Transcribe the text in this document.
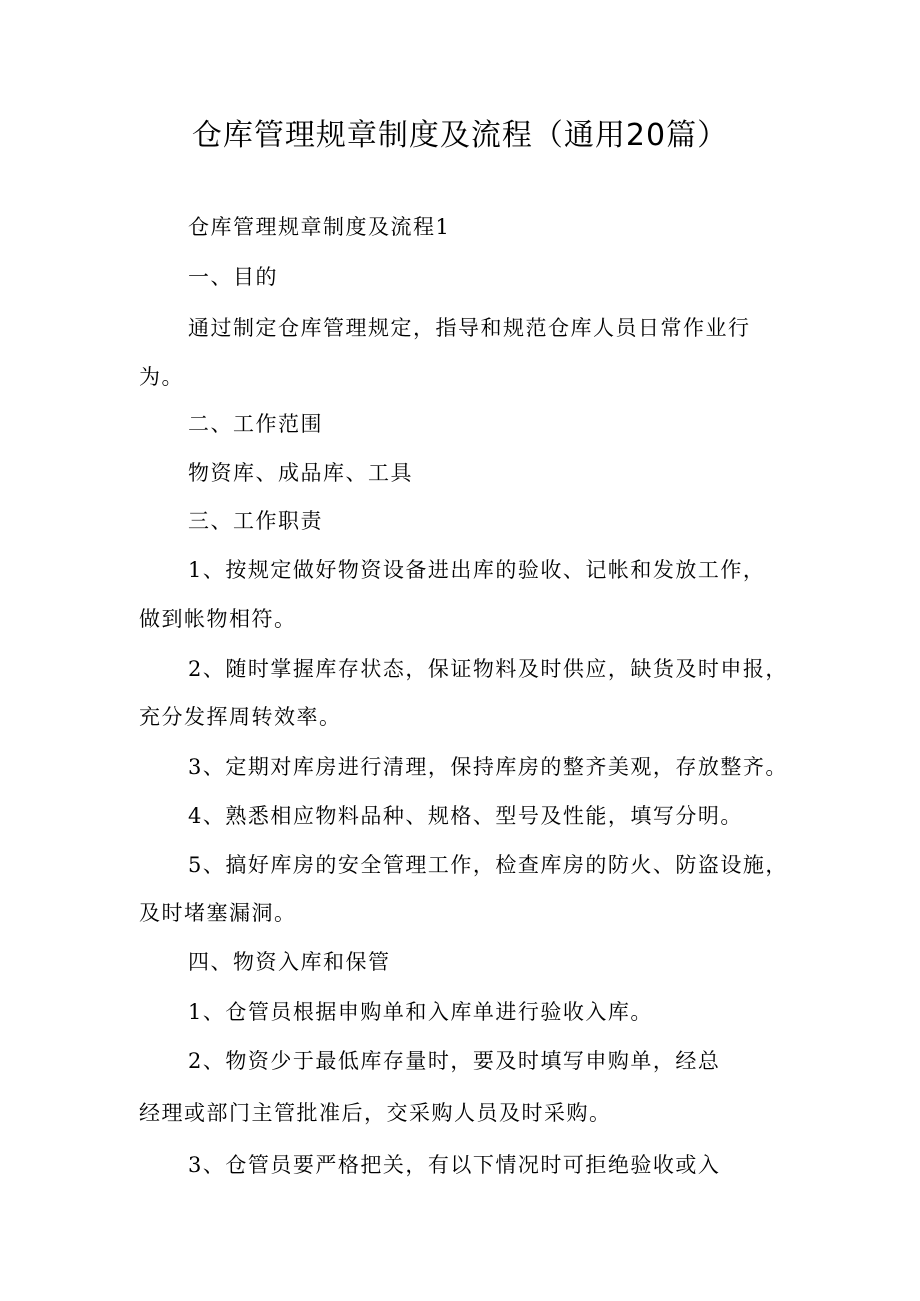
仓库管理规章制度及流程（通用20篇）
仓库管理规章制度及流程1
一、目的
通过制定仓库管理规定，指导和规范仓库人员日常作业行
为。
二、工作范围
物资库、成品库、工具
三、工作职责
1、按规定做好物资设备进出库的验收、记帐和发放工作，
做到帐物相符。
2、随时掌握库存状态，保证物料及时供应，缺货及时申报，
充分发挥周转效率。
3、定期对库房进行清理，保持库房的整齐美观，存放整齐。
4、熟悉相应物料品种、规格、型号及性能，填写分明。
5、搞好库房的安全管理工作，检查库房的防火、防盗设施，
及时堵塞漏洞。
四、物资入库和保管
1、仓管员根据申购单和入库单进行验收入库。
2、物资少于最低库存量时，要及时填写申购单，经总
经理或部门主管批准后，交采购人员及时采购。
3、仓管员要严格把关，有以下情况时可拒绝验收或入
